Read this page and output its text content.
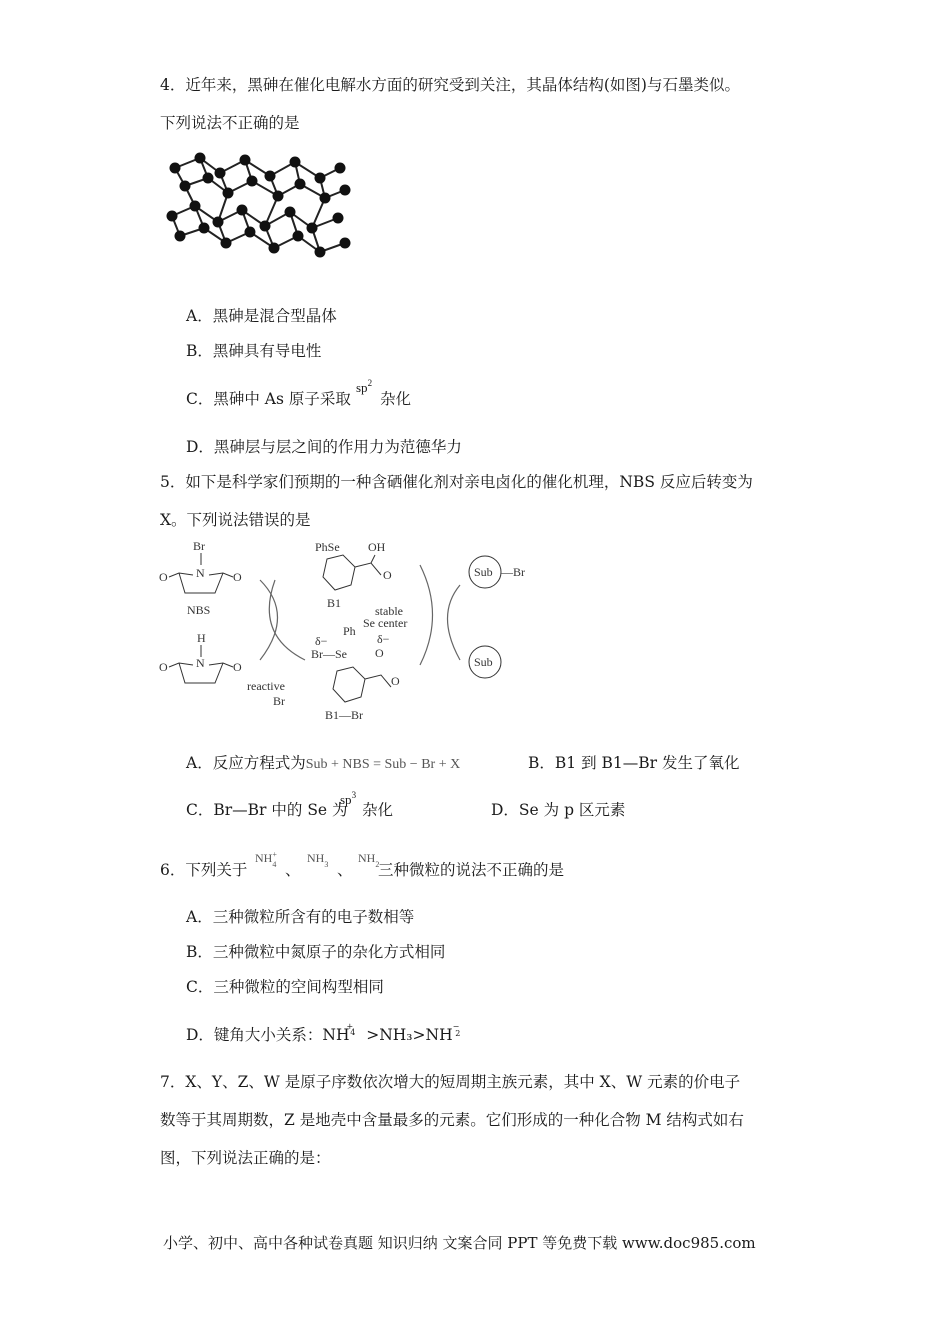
4．近年来，黑砷在催化电解水方面的研究受到关注，其晶体结构(如图)与石墨类似。
下列说法不正确的是
A．黑砷是混合型晶体
B．黑砷具有导电性
C．黑砷中 As 原子采取
$sp^2$
杂化
D．黑砷层与层之间的作用力为范德华力
5．如下是科学家们预期的一种含硒催化剂对亲电卤化的催化机理，NBS 反应后转变为
X。下列说法错误的是
Br
N
O	O
NBS
H
N
O	O
PhSe OH
O
B1
stable
Se center
Ph
δ−	δ−
Br—Se O
O
reactive
Br
B1—Br
Sub —Br
Sub
A．反应方程式为Sub + NBS = Sub − Br + X	B．B1 到 B1—Br 发生了氧化
C．Br—Br 中的 Se 为
$sp^3$
杂化	D．Se 为 p 区元素
6．下列关于
$NH_4^+$
、
$NH_3$ 、
$NH_2$
三种微粒的说法不正确的是
A．三种微粒所含有的电子数相等
B．三种微粒中氮原子的杂化方式相同
C．三种微粒的空间构型相同
D．键角大小关系：$NH^{+4} >NH_3>NH^{-2}$
7．X、Y、Z、W 是原子序数依次增大的短周期主族元素，其中 X、W 元素的价电子
数等于其周期数，Z 是地壳中含量最多的元素。它们形成的一种化合物 M 结构式如右
图，下列说法正确的是：
小学、初中、高中各种试卷真题 知识归纳 文案合同 PPT 等免费下载 www.doc985.com
